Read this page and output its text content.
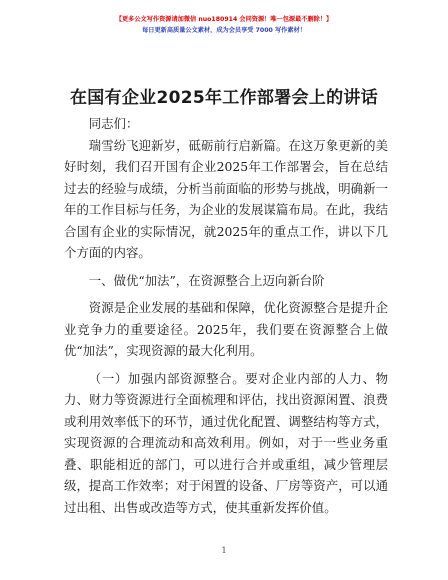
【更多公文写作资源请加微信 nuo180914 会同资源！唯一包源最不删除！】
每日更新高质量公文素材，成为会员享受 7000 写作素材！
在国有企业2025年工作部署会上的讲话

同志们：

瑞雪纷飞迎新岁，砥砺前行启新篇。在这万象更新的美好时刻，我们召开国有企业2025年工作部署会，旨在总结过去的经验与成绩，分析当前面临的形势与挑战，明确新一年的工作目标与任务，为企业的发展谋篇布局。在此，我结合国有企业的实际情况，就2025年的重点工作，讲以下几个方面的内容。

一、做优“加法”，在资源整合上迈向新台阶

资源是企业发展的基础和保障，优化资源整合是提升企业竞争力的重要途径。2025年，我们要在资源整合上做优“加法”，实现资源的最大化利用。

（一）加强内部资源整合。要对企业内部的人力、物力、财力等资源进行全面梳理和评估，找出资源闲置、浪费或利用效率低下的环节，通过优化配置、调整结构等方式，实现资源的合理流动和高效利用。例如，对于一些业务重叠、职能相近的部门，可以进行合并或重组，减少管理层级，提高工作效率；对于闲置的设备、厂房等资产，可以通过出租、出售或改造等方式，使其重新发挥价值。

1
